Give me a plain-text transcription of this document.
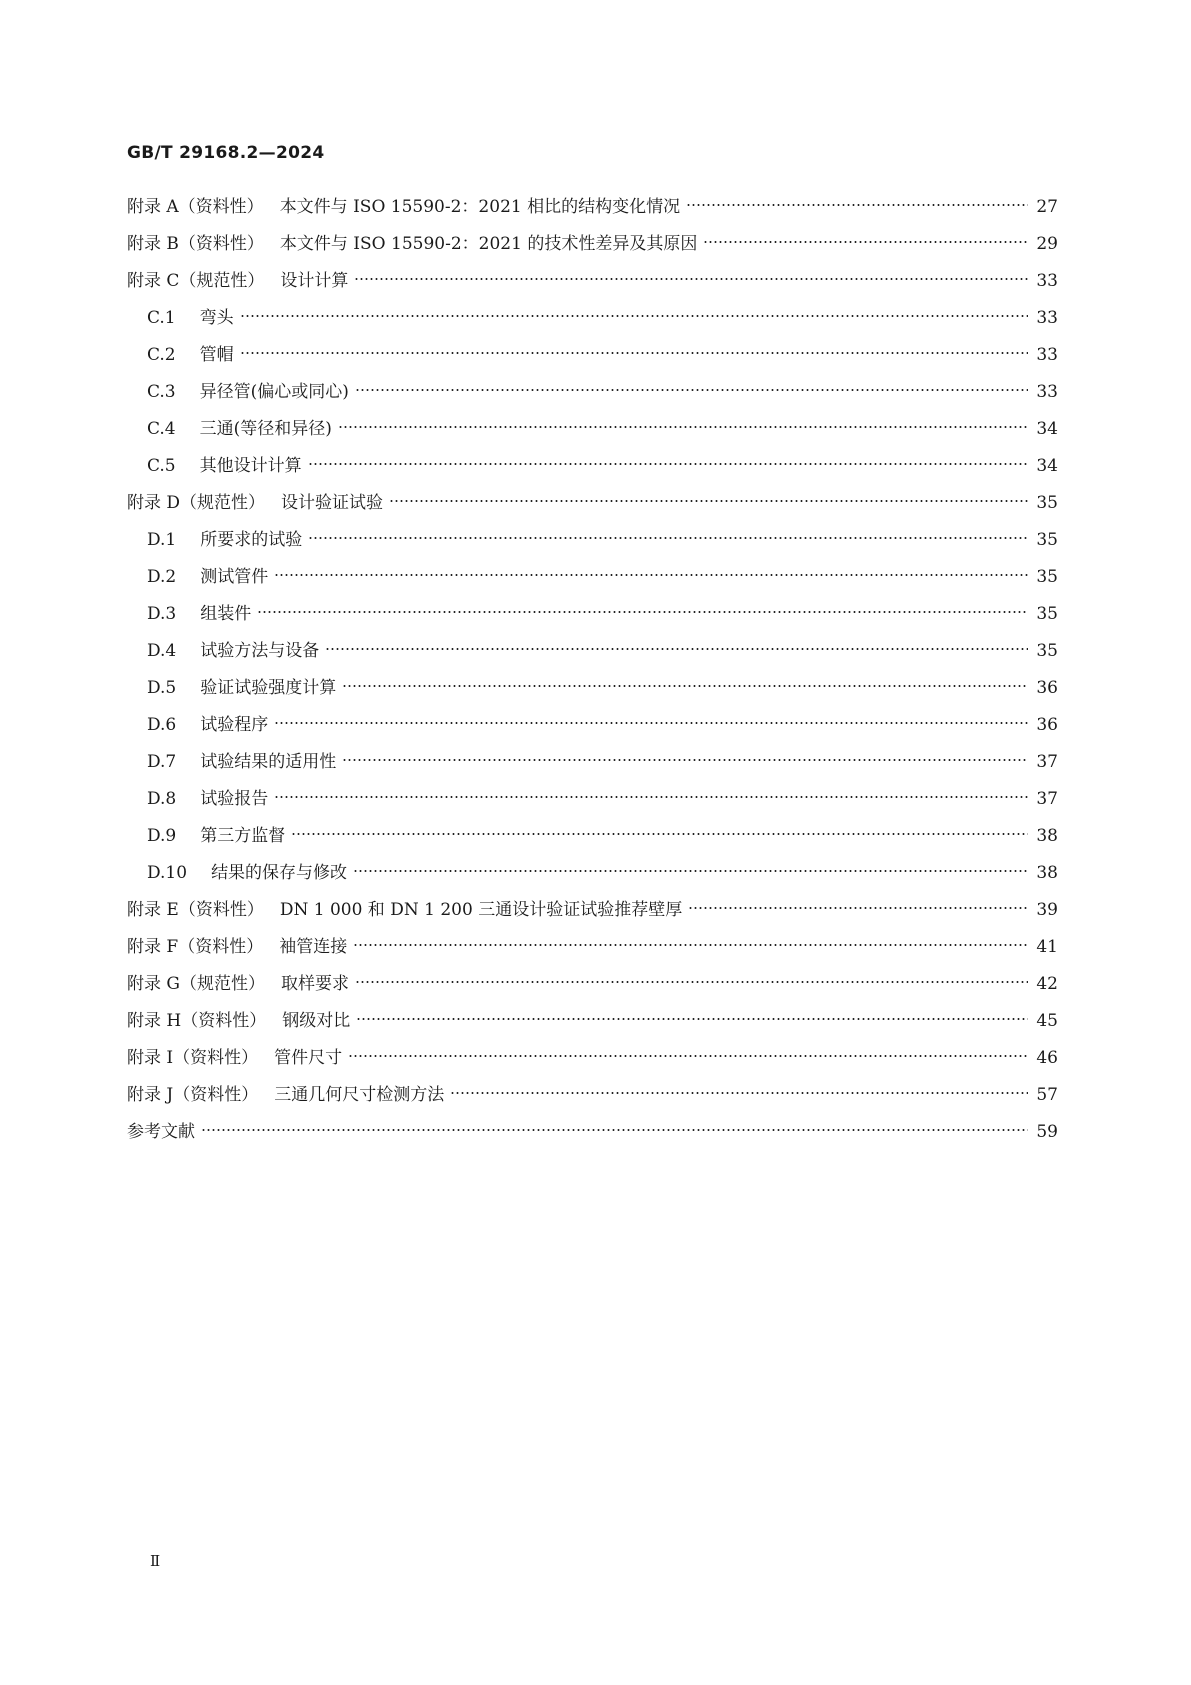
GB/T 29168.2—2024
附录 A（资料性） 本文件与 ISO 15590-2：2021 相比的结构变化情况	27
附录 B（资料性） 本文件与 ISO 15590-2：2021 的技术性差异及其原因	29
附录 C（规范性） 设计计算	33
C.1 弯头	33
C.2 管帽	33
C.3 异径管(偏心或同心)	33
C.4 三通(等径和异径)	34
C.5 其他设计计算	34
附录 D（规范性） 设计验证试验	35
D.1 所要求的试验	35
D.2 测试管件	35
D.3 组装件	35
D.4 试验方法与设备	35
D.5 验证试验强度计算	36
D.6 试验程序	36
D.7 试验结果的适用性	37
D.8 试验报告	37
D.9 第三方监督	38
D.10 结果的保存与修改	38
附录 E（资料性） DN 1 000 和 DN 1 200 三通设计验证试验推荐壁厚	39
附录 F（资料性） 袖管连接	41
附录 G（规范性） 取样要求	42
附录 H（资料性） 钢级对比	45
附录 I（资料性） 管件尺寸	46
附录 J（资料性） 三通几何尺寸检测方法	57
参考文献	59
Ⅱ
